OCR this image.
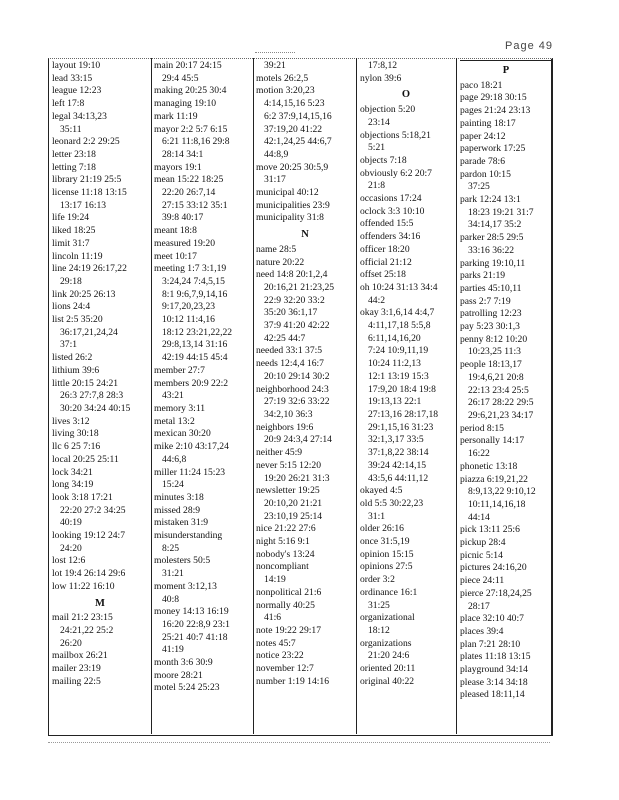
Page 49
layout 19:10
lead 33:15
league 12:23
left 17:8
legal 34:13,23
35:11
leonard 2:2 29:25
letter 23:18
letting 7:18
library 21:19 25:5
license 11:18 13:15
13:17 16:13
life 19:24
liked 18:25
limit 31:7
lincoln 11:19
line 24:19 26:17,22
29:18
link 20:25 26:13
lions 24:4
list 2:5 35:20
36:17,21,24,24
37:1
listed 26:2
lithium 39:6
little 20:15 24:21
26:3 27:7,8 28:3
30:20 34:24 40:15
lives 3:12
living 30:18
llc 6 25 7:16
local 20:25 25:11
lock 34:21
long 34:19
look 3:18 17:21
22:20 27:2 34:25
40:19
looking 19:12 24:7
24:20
lost 12:6
lot 19:4 26:14 29:6
low 11:22 16:10
M
mail 21:2 23:15
24:21,22 25:2
26:20
mailbox 26:21
mailer 23:19
mailing 22:5
main 20:17 24:15
29:4 45:5
making 20:25 30:4
managing 19:10
mark 11:19
mayor 2:2 5:7 6:15
6:21 11:8,16 29:8
28:14 34:1
mayors 19:1
mean 15:22 18:25
22:20 26:7,14
27:15 33:12 35:1
39:8 40:17
meant 18:8
measured 19:20
meet 10:17
meeting 1:7 3:1,19
3:24,24 7:4,5,15
8:1 9:6,7,9,14,16
9:17,20,23,23
10:12 11:4,16
18:12 23:21,22,22
29:8,13,14 31:16
42:19 44:15 45:4
member 27:7
members 20:9 22:2
43:21
memory 3:11
metal 13:2
mexican 30:20
mike 2:10 43:17,24
44:6,8
miller 11:24 15:23
15:24
minutes 3:18
missed 28:9
mistaken 31:9
misunderstanding
8:25
molesters 50:5
31:21
moment 3:12,13
40:8
money 14:13 16:19
16:20 22:8,9 23:1
25:21 40:7 41:18
41:19
month 3:6 30:9
moore 28:21
motel 5:24 25:23
39:21
motels 26:2,5
motion 3:20,23
4:14,15,16 5:23
6:2 37:9,14,15,16
37:19,20 41:22
42:1,24,25 44:6,7
44:8,9
move 20:25 30:5,9
31:17
municipal 40:12
municipalities 23:9
municipality 31:8
N
name 28:5
nature 20:22
need 14:8 20:1,2,4
20:16,21 21:23,25
22:9 32:20 33:2
35:20 36:1,17
37:9 41:20 42:22
42:25 44:7
needed 33:1 37:5
needs 12:4,4 16:7
20:10 29:14 30:2
neighborhood 24:3
27:19 32:6 33:22
34:2,10 36:3
neighbors 19:6
20:9 24:3,4 27:14
neither 45:9
never 5:15 12:20
19:20 26:21 31:3
newsletter 19:25
20:10,20 21:21
23:10,19 25:14
nice 21:22 27:6
night 5:16 9:1
nobody's 13:24
noncompliant
14:19
nonpolitical 21:6
normally 40:25
41:6
note 19:22 29:17
notes 45:7
notice 23:22
november 12:7
number 1:19 14:16
17:8,12
nylon 39:6
O
objection 5:20
23:14
objections 5:18,21
5:21
objects 7:18
obviously 6:2 20:7
21:8
occasions 17:24
oclock 3:3 10:10
offended 15:5
offenders 34:16
officer 18:20
official 21:12
offset 25:18
oh 10:24 31:13 34:4
44:2
okay 3:1,6,14 4:4,7
4:11,17,18 5:5,8
6:11,14,16,20
7:24 10:9,11,19
10:24 11:2,13
12:1 13:19 15:3
17:9,20 18:4 19:8
19:13,13 22:1
27:13,16 28:17,18
29:1,15,16 31:23
32:1,3,17 33:5
37:1,8,22 38:14
39:24 42:14,15
43:5,6 44:11,12
okayed 4:5
old 5:5 30:22,23
31:1
older 26:16
once 31:5,19
opinion 15:15
opinions 27:5
order 3:2
ordinance 16:1
31:25
organizational
18:12
organizations
21:20 24:6
oriented 20:11
original 40:22
P
paco 18:21
page 29:18 30:15
pages 21:24 23:13
painting 18:17
paper 24:12
paperwork 17:25
parade 78:6
pardon 10:15
37:25
park 12:24 13:1
18:23 19:21 31:7
34:14,17 35:2
parker 28:5 29:5
33:16 36:22
parking 19:10,11
parks 21:19
parties 45:10,11
pass 2:7 7:19
patrolling 12:23
pay 5:23 30:1,3
penny 8:12 10:20
10:23,25 11:3
people 18:13,17
19:4,6,21 20:8
22:13 23:4 25:5
26:17 28:22 29:5
29:6,21,23 34:17
period 8:15
personally 14:17
16:22
phonetic 13:18
piazza 6:19,21,22
8:9,13,22 9:10,12
10:11,14,16,18
44:14
pick 13:11 25:6
pickup 28:4
picnic 5:14
pictures 24:16,20
piece 24:11
pierce 27:18,24,25
28:17
place 32:10 40:7
places 39:4
plan 7:21 28:10
plates 11:18 13:15
playground 34:14
please 3:14 34:18
pleased 18:11,14
